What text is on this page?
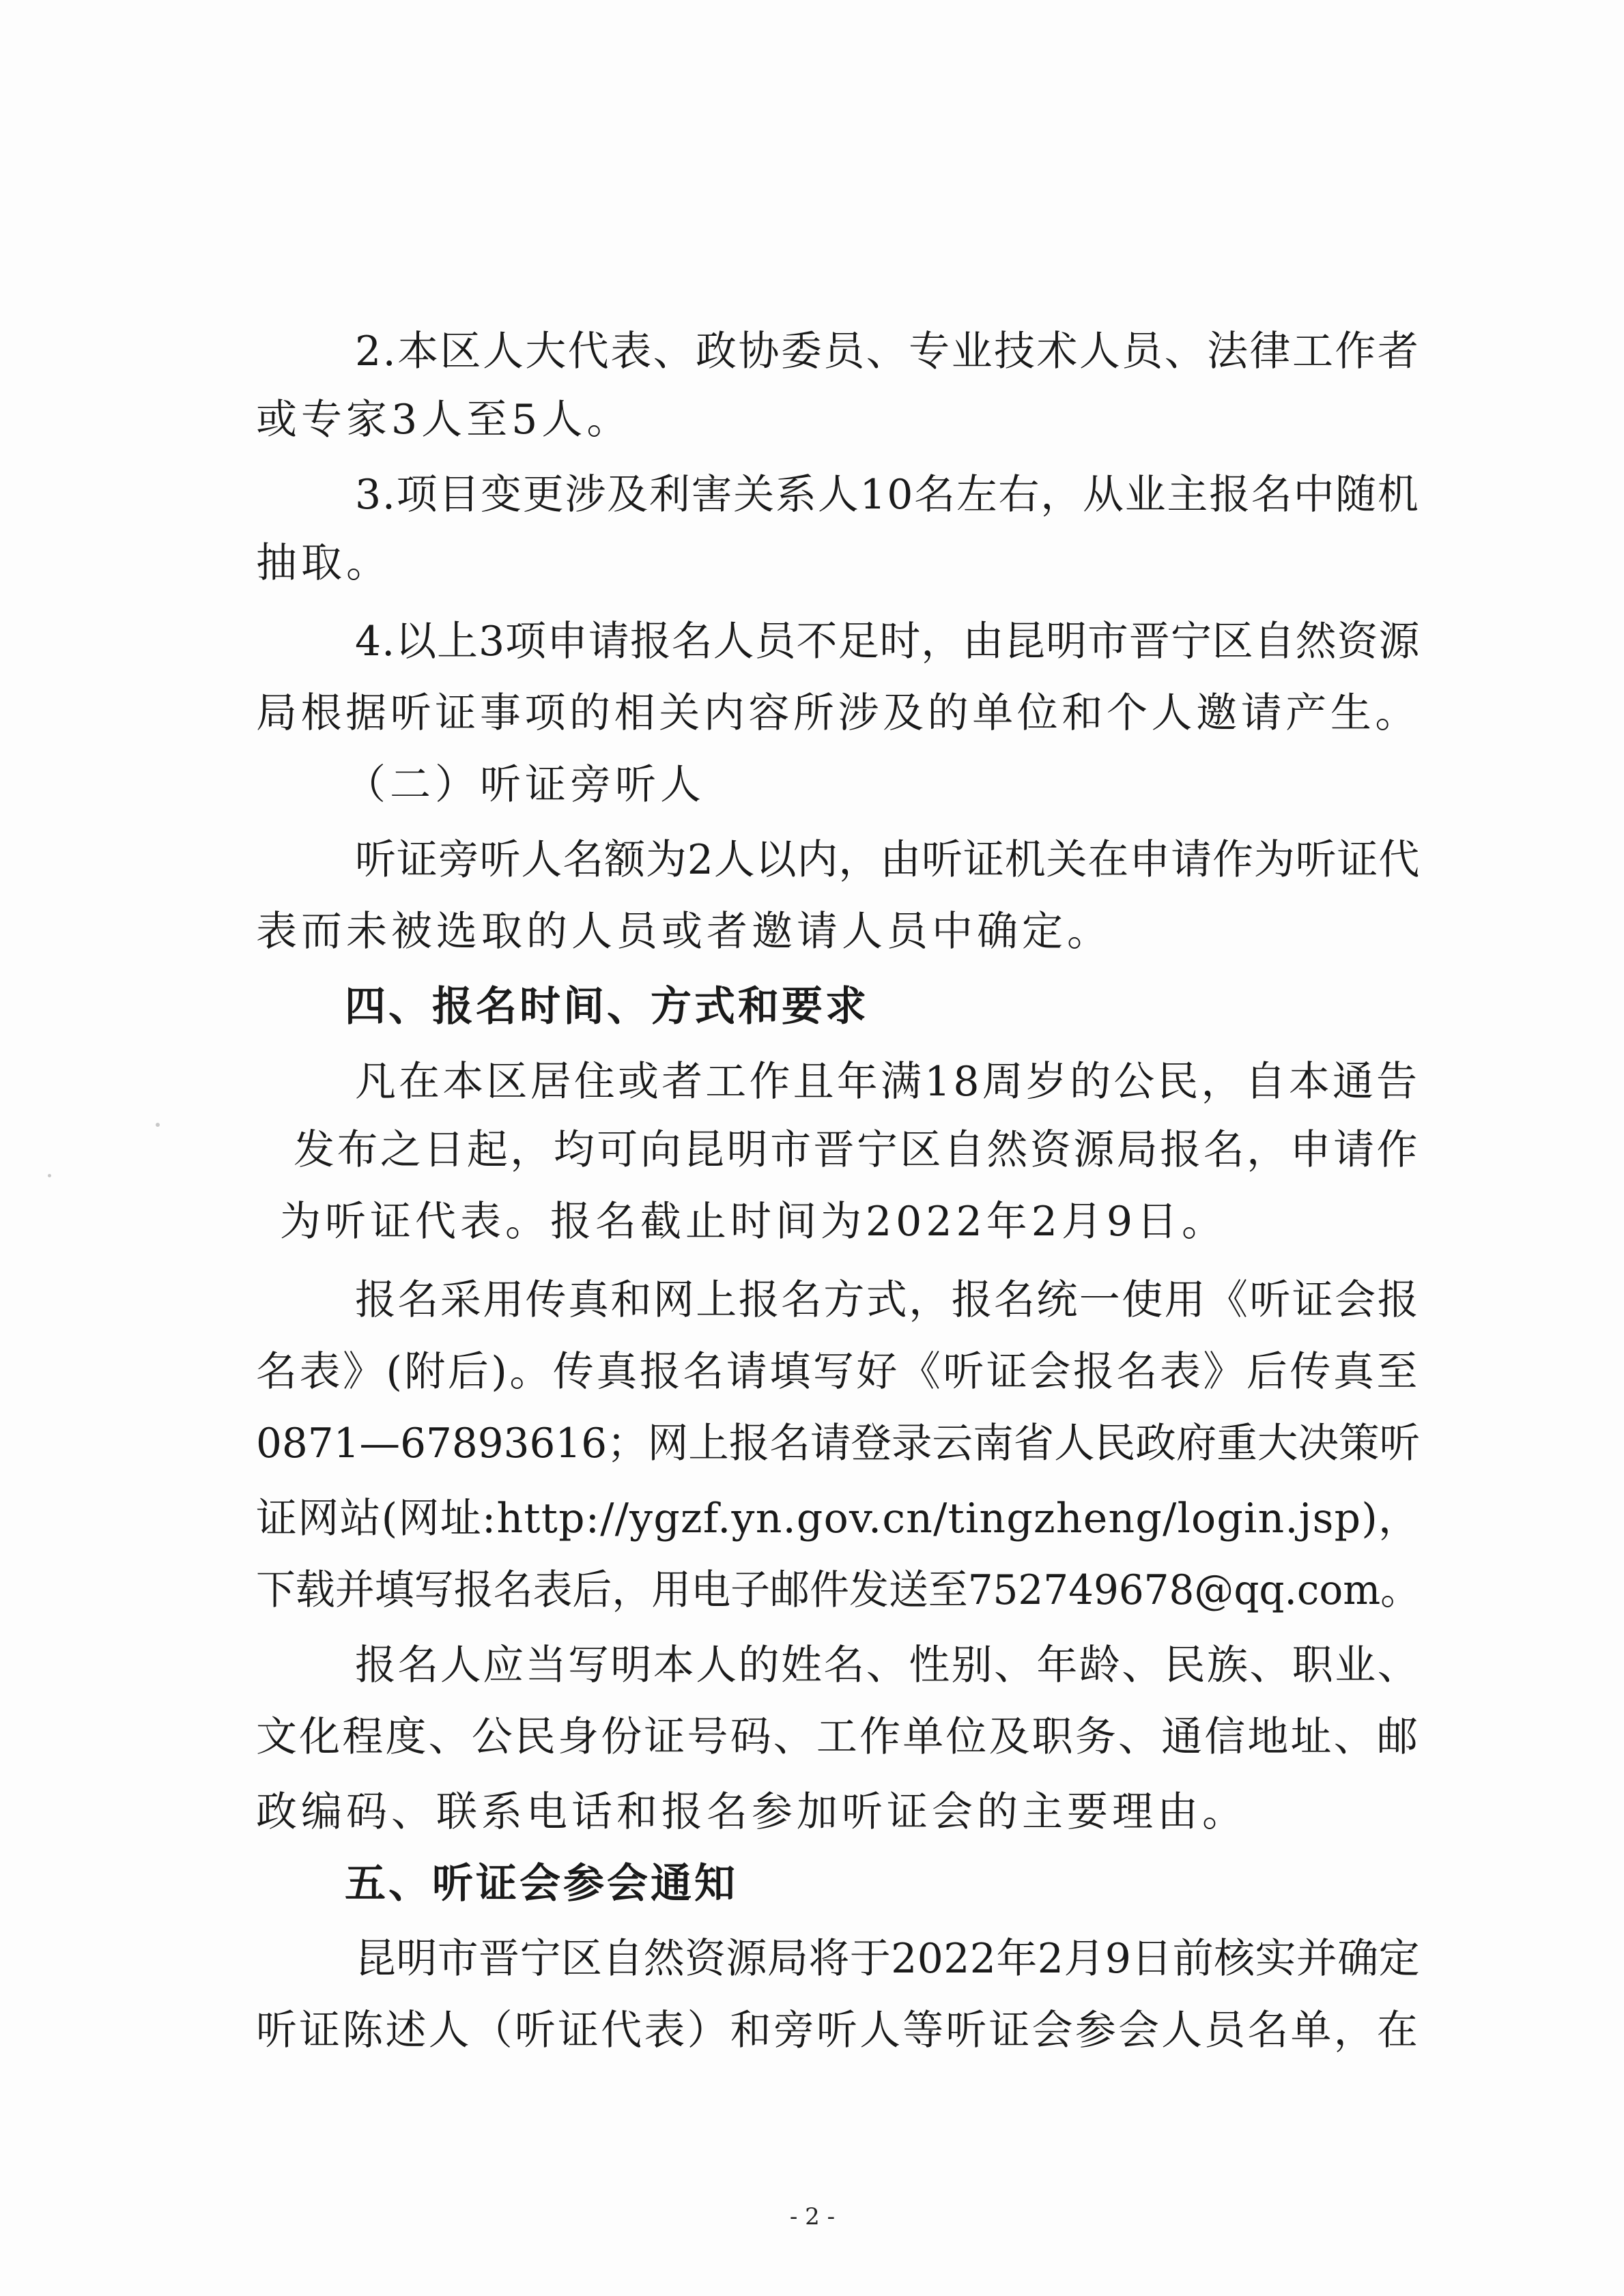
2.本区人大代表、政协委员、专业技术人员、法律工作者
或专家3人至5人。
3.项目变更涉及利害关系人10名左右，从业主报名中随机
抽取。
4.以上3项申请报名人员不足时，由昆明市晋宁区自然资源
局根据听证事项的相关内容所涉及的单位和个人邀请产生。
（二）听证旁听人
听证旁听人名额为2人以内，由听证机关在申请作为听证代
表而未被选取的人员或者邀请人员中确定。
四、报名时间、方式和要求
凡在本区居住或者工作且年满18周岁的公民，自本通告
发布之日起，均可向昆明市晋宁区自然资源局报名，申请作
为听证代表。报名截止时间为2022年2月9日。
报名采用传真和网上报名方式，报名统一使用《听证会报
名表》(附后)。传真报名请填写好《听证会报名表》后传真至
0871—67893616；网上报名请登录云南省人民政府重大决策听
证网站(网址:http://ygzf.yn.gov.cn/tingzheng/login.jsp)，
下载并填写报名表后，用电子邮件发送至752749678@qq.com。
报名人应当写明本人的姓名、性别、年龄、民族、职业、
文化程度、公民身份证号码、工作单位及职务、通信地址、邮
政编码、联系电话和报名参加听证会的主要理由。
五、听证会参会通知
昆明市晋宁区自然资源局将于2022年2月9日前核实并确定
听证陈述人（听证代表）和旁听人等听证会参会人员名单，在
- 2 -
